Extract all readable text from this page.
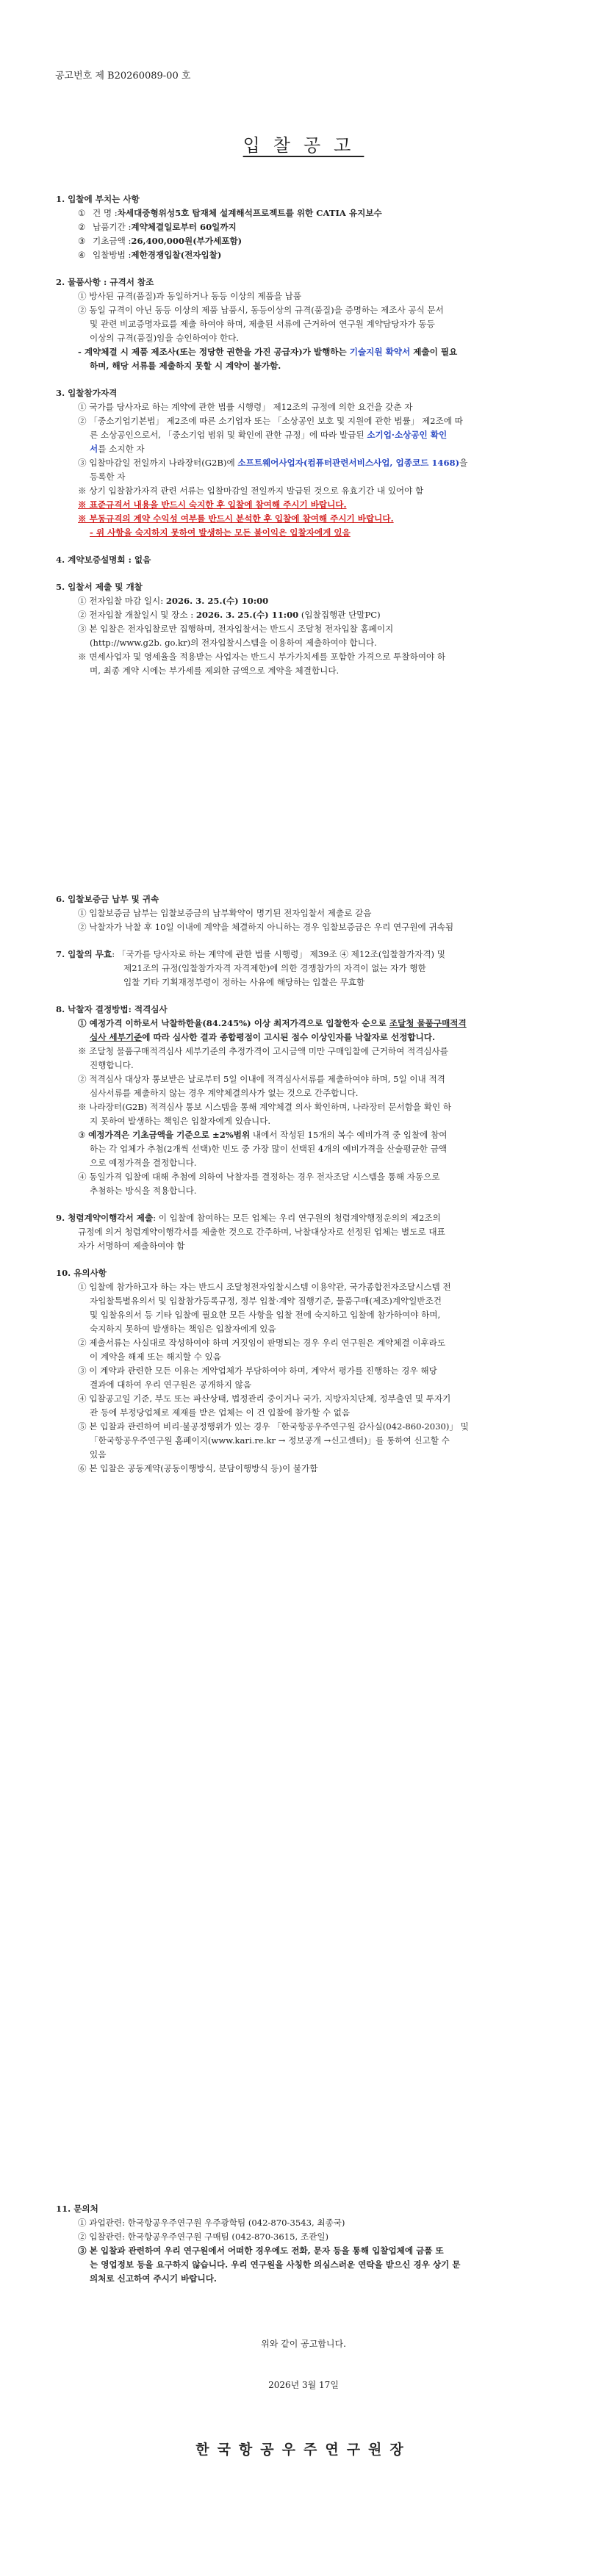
공고번호 제 B20260089-00 호
입찰공고

1. 입찰에 부치는 사항

① 건 명 : 차세대중형위성5호 탑재체 설계해석프로젝트를 위한 CATIA 유지보수
② 납품기간 : 계약체결일로부터 60일까지
③ 기초금액 : 26,400,000원(부가세포함)
④ 입찰방법 : 제한경쟁입찰(전자입찰)

2. 물품사항 : 규격서 참조

① 방사된 규격(품질)과 동일하거나 동등 이상의 제품을 납품
② 동일 규격이 아닌 동등 이상의 제품 납품시, 동등이상의 규격(품질)을 증명하는 제조사 공식 문서
및 관련 비교증명자료를 제출 하여야 하며, 제출된 서류에 근거하여 연구원 계약담당자가 동등
이상의 규격(품질)임을 승인하여야 한다.
- 계약체결 시 제품 제조사(또는 정당한 권한을 가진 공급자)가 발행하는 기술지원 확약서 제출이 필요
하며, 해당 서류를 제출하지 못할 시 계약이 불가함.

3. 입찰참가자격

① 국가를 당사자로 하는 계약에 관한 법률 시행령」 제12조의 규정에 의한 요건을 갖춘 자
② 「중소기업기본법」 제2조에 따른 소기업자 또는 「소상공인 보호 및 지원에 관한 법률」 제2조에 따
른 소상공인으로서, 「중소기업 범위 및 확인에 관한 규정」에 따라 발급된 소기업·소상공인 확인
서를 소지한 자
③ 입찰마감일 전일까지 나라장터(G2B)에 소프트웨어사업자(컴퓨터관련서비스사업, 업종코드 1468)을
등록한 자
※ 상기 입찰참가자격 관련 서류는 입찰마감일 전일까지 발급된 것으로 유효기간 내 있어야 함
※ 표준규격서 내용을 반드시 숙지한 후 입찰에 참여해 주시기 바랍니다.
※ 부동규격의 계약 수익성 여부를 반드시 분석한 후 입찰에 참여해 주시기 바랍니다.
- 위 사항을 숙지하지 못하여 발생하는 모든 불이익은 입찰자에게 있음

4. 계약보증설명회 : 없음

5. 입찰서 제출 및 개찰

① 전자입찰 마감 일시: 2026. 3. 25.(수) 10:00
② 전자입찰 개찰일시 및 장소 : 2026. 3. 25.(수) 11:00 (입찰집행관 단말PC)
③ 본 입찰은 전자입찰로만 집행하며, 전자입찰서는 반드시 조달청 전자입찰 홈페이지
(http://www.g2b. go.kr)의 전자입찰시스템을 이용하여 제출하여야 합니다.
※ 면세사업자 및 영세율을 적용받는 사업자는 반드시 부가가치세를 포함한 가격으로 투찰하여야 하
며, 최종 계약 시에는 부가세를 제외한 금액으로 계약을 체결합니다.

6. 입찰보증금 납부 및 귀속

① 입찰보증금 납부는 입찰보증금의 납부확약이 명기된 전자입찰서 제출로 갈음
② 낙찰자가 낙찰 후 10일 이내에 계약을 체결하지 아니하는 경우 입찰보증금은 우리 연구원에 귀속됨
7. 입찰의 무효: 「국가를 당사자로 하는 계약에 관한 법률 시행령」 제39조 ④ 제12조(입찰참가자격) 및
제21조의 규정(입찰참가자격 자격제한)에 의한 경쟁참가의 자격이 없는 자가 행한
입찰 기타 기획재정부령이 정하는 사유에 해당하는 입찰은 무효함

8. 낙찰자 결정방법: 적격심사

① 예정가격 이하로서 낙찰하한율(84.245%) 이상 최저가격으로 입찰한자 순으로 조달청 물품구매적격
심사 세부기준에 따라 심사한 결과 종합평점이 고시된 점수 이상인자를 낙찰자로 선정합니다.
※ 조달청 물품구매적격심사 세부기준의 추정가격이 고시금액 미만 구매입찰에 근거하여 적격심사를
진행합니다.
② 적격심사 대상자 통보받은 날로부터 5일 이내에 적격심사서류를 제출하여야 하며, 5일 이내 적격
심사서류를 제출하지 않는 경우 계약체결의사가 없는 것으로 간주합니다.
※ 나라장터(G2B) 적격심사 통보 시스템을 통해 계약체결 의사 확인하며, 나라장터 문서함을 확인 하
지 못하여 발생하는 책임은 입찰자에게 있습니다.
③ 예정가격은 기초금액을 기준으로 ±2%범위 내에서 작성된 15개의 복수 예비가격 중 입찰에 참여
하는 각 업체가 추첨(2개씩 선택)한 빈도 중 가장 많이 선택된 4개의 예비가격을 산술평균한 금액
으로 예정가격을 결정합니다.
④ 동일가격 입찰에 대해 추첨에 의하여 낙찰자를 결정하는 경우 전자조달 시스템을 통해 자동으로
추첨하는 방식을 적용합니다.
9. 청렴계약이행각서 제출: 이 입찰에 참여하는 모든 업체는 우리 연구원의 청렴계약행정운의의 제2조의
규정에 의거 청렴계약이행각서를 제출한 것으로 간주하며, 낙찰대상자로 선정된 업체는 별도로 대표
자가 서명하여 제출하여야 함

10. 유의사항

① 입찰에 참가하고자 하는 자는 반드시 조달청전자입찰시스템 이용약관, 국가종합전자조달시스템 전
자입찰특별유의서 및 입찰참가등록규정, 정부 입찰·계약 집행기준, 물품구매(제조)계약일반조건
및 입찰유의서 등 기타 입찰에 필요한 모든 사항을 입찰 전에 숙지하고 입찰에 참가하여야 하며,
숙지하지 못하여 발생하는 책임은 입찰자에게 있음
② 제출서류는 사실대로 작성하여야 하며 거짓임이 판명되는 경우 우리 연구원은 계약체결 이후라도
이 계약을 해제 또는 해지할 수 있음
③ 이 계약과 관련한 모든 이유는 계약업체가 부담하여야 하며, 계약서 평가를 진행하는 경우 해당
결과에 대하여 우리 연구원은 공개하지 않음
④ 입찰공고일 기준, 부도 또는 파산상태, 법정관리 중이거나 국가, 지방자치단체, 정부출연 및 투자기
관 등에 부정당업체로 제재를 받은 업체는 이 건 입찰에 참가할 수 없음
⑤ 본 입찰과 관련하여 비리·불공정행위가 있는 경우 「한국항공우주연구원 감사실(042-860-2030)」 및
「한국항공우주연구원 홈페이지(www.kari.re.kr → 정보공개 →신고센터)」를 통하여 신고할 수
있음
⑥ 본 입찰은 공동계약(공동이행방식, 분담이행방식 등)이 불가함

11. 문의처

① 과업관련: 한국항공우주연구원 우주광학팀 (042-870-3543, 최종국)
② 입찰관련: 한국항공우주연구원 구매팀 (042-870-3615, 조관일)
③ 본 입찰과 관련하여 우리 연구원에서 어떠한 경우에도 전화, 문자 등을 통해 입찰업체에 금품 또
는 영업정보 등을 요구하지 않습니다. 우리 연구원을 사칭한 의심스러운 연락을 받으신 경우 상기 문
의처로 신고하여 주시기 바랍니다.
위와 같이 공고합니다.
2026년 3월 17일
한국항공우주연구원장
